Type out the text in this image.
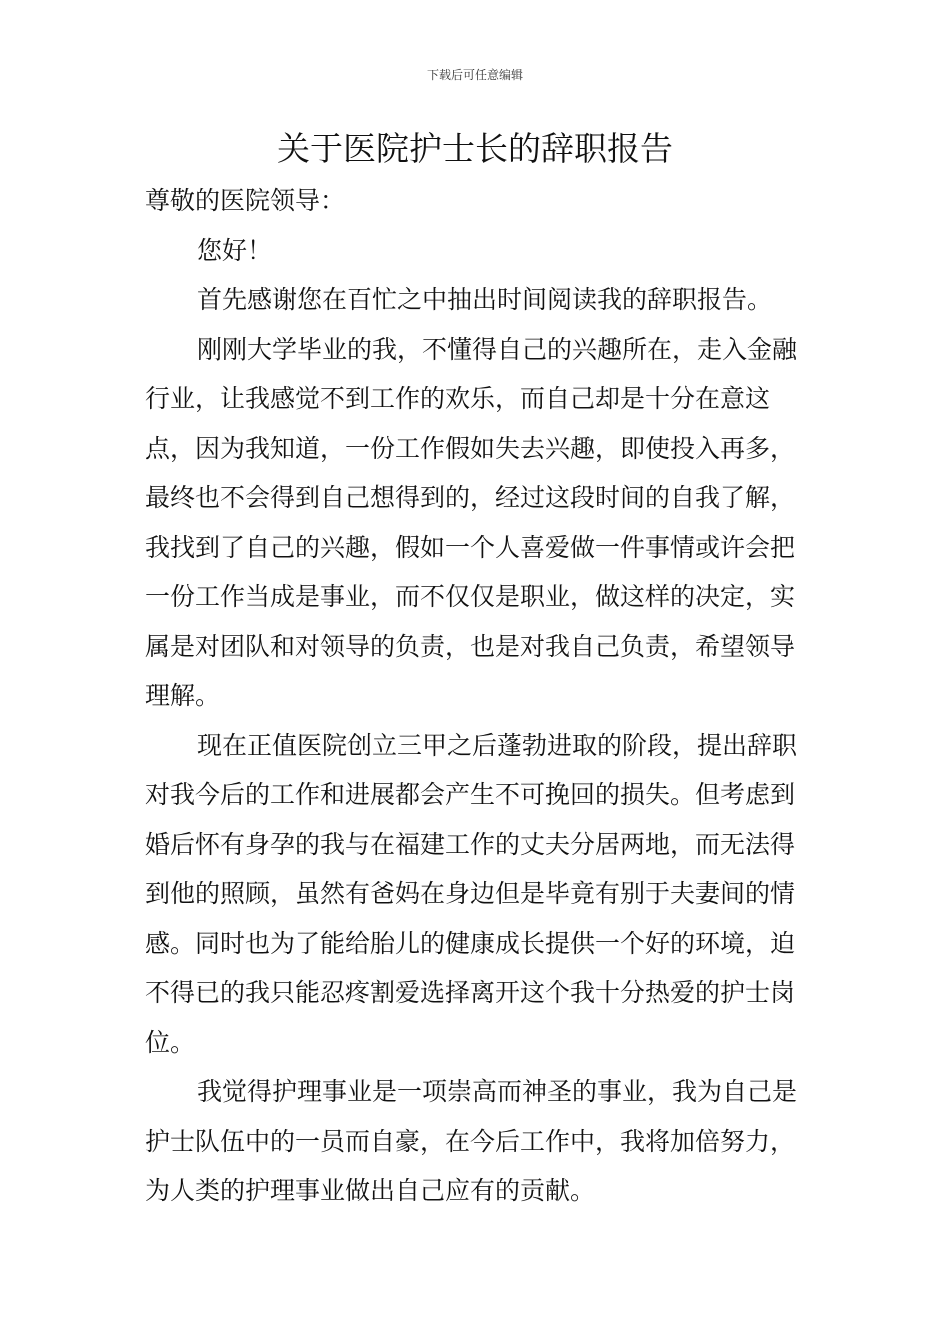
下载后可任意编辑
关于医院护士长的辞职报告

尊敬的医院领导：

您好！

首先感谢您在百忙之中抽出时间阅读我的辞职报告。

刚刚大学毕业的我，不懂得自己的兴趣所在，走入金融行业，让我感觉不到工作的欢乐，而自己却是十分在意这点，因为我知道，一份工作假如失去兴趣，即使投入再多，最终也不会得到自己想得到的，经过这段时间的自我了解，我找到了自己的兴趣，假如一个人喜爱做一件事情或许会把一份工作当成是事业，而不仅仅是职业，做这样的决定，实属是对团队和对领导的负责，也是对我自己负责，希望领导理解。

现在正值医院创立三甲之后蓬勃进取的阶段，提出辞职对我今后的工作和进展都会产生不可挽回的损失。但考虑到婚后怀有身孕的我与在福建工作的丈夫分居两地，而无法得到他的照顾，虽然有爸妈在身边但是毕竟有别于夫妻间的情感。同时也为了能给胎儿的健康成长提供一个好的环境，迫不得已的我只能忍疼割爱选择离开这个我十分热爱的护士岗位。

我觉得护理事业是一项崇高而神圣的事业，我为自己是护士队伍中的一员而自豪，在今后工作中，我将加倍努力，为人类的护理事业做出自己应有的贡献。
